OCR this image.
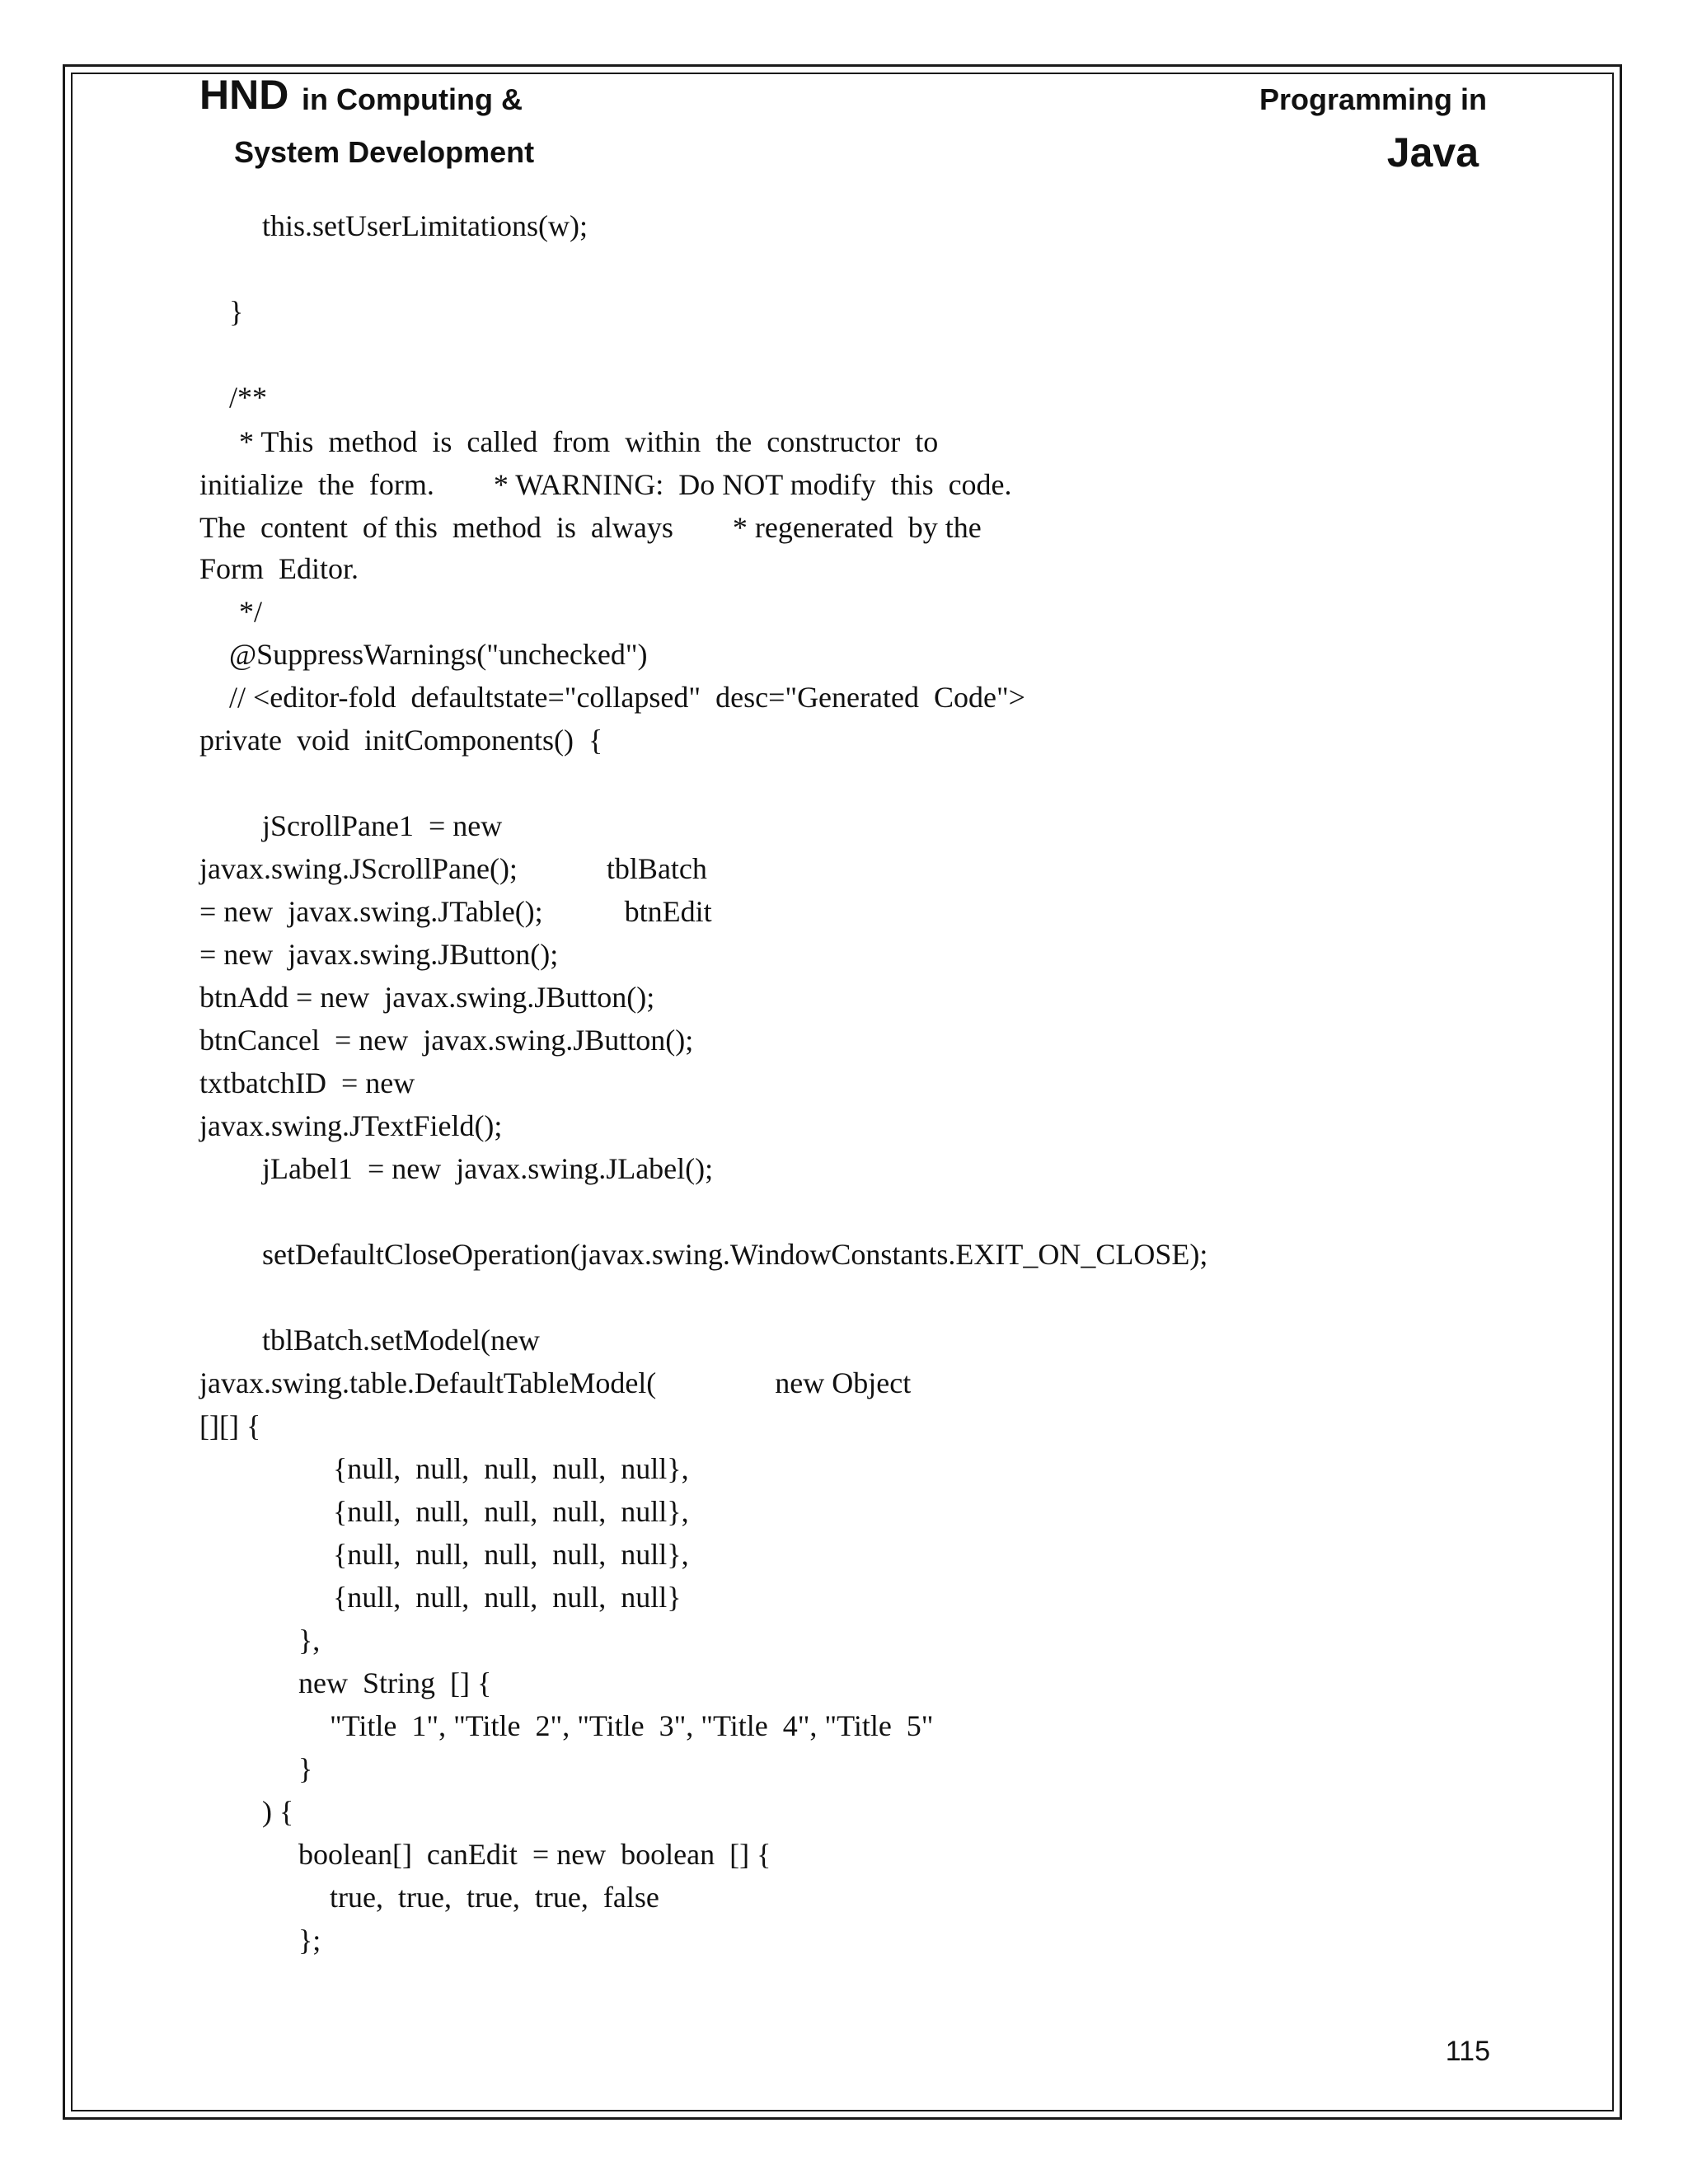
HND in Computing &
System Development
Programming in
Java
this.setUserLimitations(w);
}
/**
* This  method  is  called  from  within  the  constructor  to
initialize  the  form.        * WARNING:  Do NOT modify  this  code.
The  content  of this  method  is  always        * regenerated  by the
Form  Editor.
*/
@SuppressWarnings("unchecked")
// <editor-fold  defaultstate="collapsed"  desc="Generated  Code">
private  void  initComponents()  {
jScrollPane1  = new
javax.swing.JScrollPane();            tblBatch
= new  javax.swing.JTable();           btnEdit
= new  javax.swing.JButton();
btnAdd = new  javax.swing.JButton();
btnCancel  = new  javax.swing.JButton();
txtbatchID  = new
javax.swing.JTextField();
jLabel1  = new  javax.swing.JLabel();
setDefaultCloseOperation(javax.swing.WindowConstants.EXIT_ON_CLOSE);
tblBatch.setModel(new
javax.swing.table.DefaultTableModel(                new Object
[][] {
{null,  null,  null,  null,  null},
{null,  null,  null,  null,  null},
{null,  null,  null,  null,  null},
{null,  null,  null,  null,  null}
},
new  String  [] {
"Title  1", "Title  2", "Title  3", "Title  4", "Title  5"
}
) {
boolean[]  canEdit  = new  boolean  [] {
true,  true,  true,  true,  false
};
115
